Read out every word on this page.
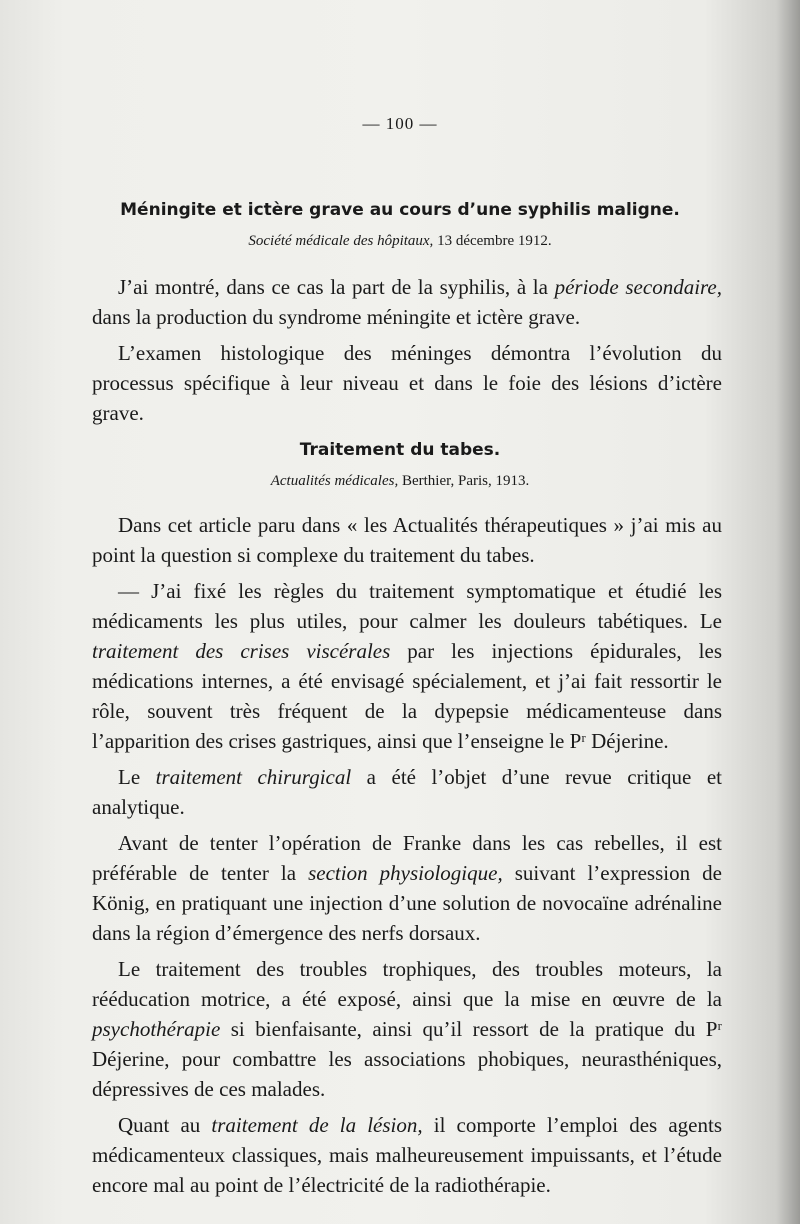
— 100 —
Méningite et ictère grave au cours d’une syphilis maligne.
Société médicale des hôpitaux, 13 décembre 1912.

J’ai montré, dans ce cas la part de la syphilis, à la période secondaire, dans la production du syndrome méningite et ictère grave.

L’examen histologique des méninges démontra l’évolution du processus spécifique à leur niveau et dans le foie des lésions d’ictère grave.

Traitement du tabes.
Actualités médicales, Berthier, Paris, 1913.

Dans cet article paru dans « les Actualités thérapeutiques » j’ai mis au point la question si complexe du traitement du tabes.

— J’ai fixé les règles du traitement symptomatique et étudié les médicaments les plus utiles, pour calmer les douleurs tabétiques. Le traitement des crises viscérales par les injections épidurales, les médications internes, a été envisagé spécialement, et j’ai fait ressortir le rôle, souvent très fréquent de la dypepsie médicamenteuse dans l’apparition des crises gastriques, ainsi que l’enseigne le Pʳ Déjerine.

Le traitement chirurgical a été l’objet d’une revue critique et analytique.

Avant de tenter l’opération de Franke dans les cas rebelles, il est préférable de tenter la section physiologique, suivant l’expression de König, en pratiquant une injection d’une solution de novocaïne adrénaline dans la région d’émergence des nerfs dorsaux.

Le traitement des troubles trophiques, des troubles moteurs, la rééducation motrice, a été exposé, ainsi que la mise en œuvre de la psychothérapie si bienfaisante, ainsi qu’il ressort de la pratique du Pʳ Déjerine, pour combattre les associations phobiques, neurasthéniques, dépressives de ces malades.

Quant au traitement de la lésion, il comporte l’emploi des agents médicamenteux classiques, mais malheureusement impuissants, et l’étude encore mal au point de l’électricité de la radiothérapie.
